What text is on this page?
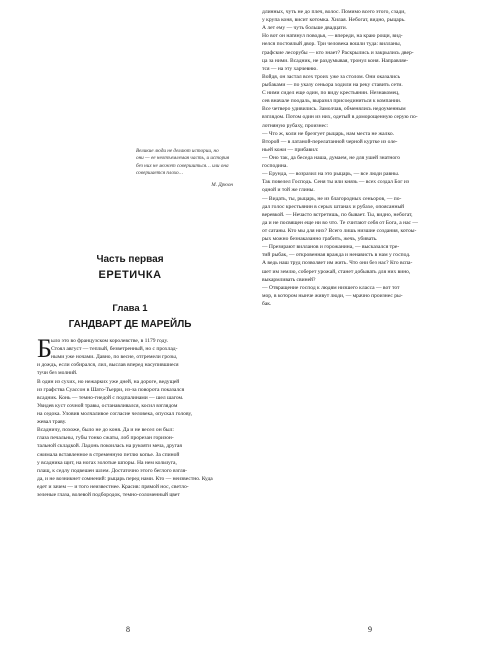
Великие люди не делают истории, но
они — ее неотъемлемая часть, и история
без них не может совершиться… или она
совершается плохо…
М. Дрюон
Часть первая
ЕРЕТИЧКА
Глава 1
ГАНДВАРТ ДЕ МАРЕЙЛЬ
Б ыло это во французском королевстве, в 1179 году.
Стоял август — теплый, безветренный, но с прохлад-
ными уже ночами. Давно, по весне, отгремели грозы,
и дождь, если собирался, лил, выслав вперед насупившиеся
тучи без молний.
В один из сухих, но нежарких уже дней, на дороге, ведущей
из графства Суассон в Шато-Тьерри, из-за поворота показался
всадник. Конь — темно-гнедой с подпалинами — шел шагом.
Увидев куст сочной травы, останавливался, косил взглядом
на седока. Уловив молчаливое согласие человека, опускал голову,
жевал траву.
Всадничу, похоже, было не до коня. Да и не весел он был:
глаза печальны, губы тонко сжаты, лоб прорезан горизон-
тальной складкой. Ладонь покоилась на рукояти меча, другая
сжимала вставленное в стременную петлю копье. За спиной
у всадника щит, на ногах золотые шпоры. На нем кольчуга,
плащ, к седлу подвешен шлем. Достаточно этого беглого взгля-
да, и не возникнет сомнений: рыцарь перед нами. Кто — неизвестно. Куда
едет и зачем — и того неизвестнее. Красив: прямой нос, светло-
зеленые глаза, волевой подбородок, темно-соломенный цвет
8
длинных, чуть не до плеч, волос. Помимо всего этого, сзади,
у крупа коня, висит котомка. Хилая. Небогат, видно, рыцарь.
А лет ему — чуть больше двадцати.
Но вот он натянул поводья, — впереди, на краю рощи, вид-
нелся постоялый двор. Три человека вошли туда: вилланы,
графские лесорубы — кто знает? Раскрылись и закрылись двер-
ца за ними. Всадник, не раздумывая, тронул коня. Направляе-
тся — на эту харчевню.
Войдя, он застал всех троих уже за столом. Они оказались
рыбаками — по указу сеньора ходили на реку ставить сети.
С ними сидел еще один, по виду крестьянин. Незнакомец,
сев вначале поодаль, выразил присоединиться к компании.
Все четверо удивились. Замолчав, обменялись недоуменным
взглядом. Потом один из них, одетый в доморощенную серую по-
лотняную рубаху, произнес:
— Что ж, коли не брезгует рыцарь, нам места не жалко.
Второй — в латаной-перелатанной черной куртке из оле-
ньей кожи — прибавил:
— Оно так, да беседа наша, думаем, не для ушей знатного
господина.
— Ерунда, — возразил на это рыцарь, — все люди равны.
Так повелел Господь. Сеня ты или князь — всех создал Бог из
одной и той же глины.
— Видать, ты, рыцарь, не из благородных сеньоров, — по-
дал голос крестьянин в серых штанах и рубахе, опоясанный
веревкой. — Нечасто встретишь, по бывает. Ты, видно, небогат,
да и не посвящен еще ни во что. Те считают себя от Бога, а нас —
от сатаны. Кто мы для них? Всего лишь низшие создания, котоы-
рых можно безнаказанно грабить, жечь, убивать.
— Презирают вилланов и горожанина, — высказался тре-
тий рыбак, — откровенная вражда и ненависть в нам у господ.
А ведь наш труд позволяет им жить. Что они без нас? Кто вспа-
шет им землю, соберет урожай, станет добывать для них вино,
выкармливать свиней?
— Отвращение господ к людям низшего класса — вот тот
мор, в котором нынче живут люди, — мрачно произнес ры-
бак.
9
